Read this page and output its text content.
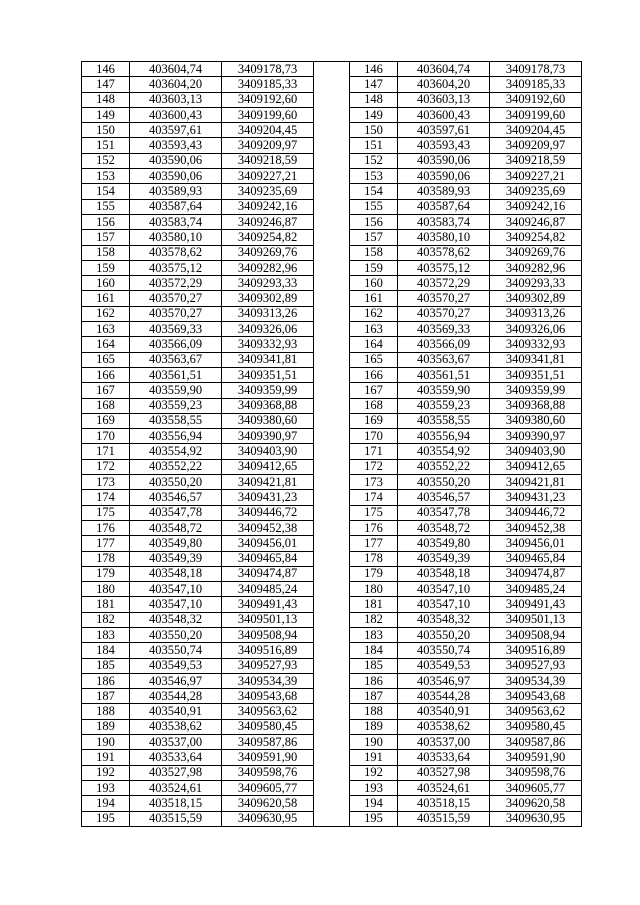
146	403604,74	3409178,73		146	403604,74	3409178,73
147	403604,20	3409185,33		147	403604,20	3409185,33
148	403603,13	3409192,60		148	403603,13	3409192,60
149	403600,43	3409199,60		149	403600,43	3409199,60
150	403597,61	3409204,45		150	403597,61	3409204,45
151	403593,43	3409209,97		151	403593,43	3409209,97
152	403590,06	3409218,59		152	403590,06	3409218,59
153	403590,06	3409227,21		153	403590,06	3409227,21
154	403589,93	3409235,69		154	403589,93	3409235,69
155	403587,64	3409242,16		155	403587,64	3409242,16
156	403583,74	3409246,87		156	403583,74	3409246,87
157	403580,10	3409254,82		157	403580,10	3409254,82
158	403578,62	3409269,76		158	403578,62	3409269,76
159	403575,12	3409282,96		159	403575,12	3409282,96
160	403572,29	3409293,33		160	403572,29	3409293,33
161	403570,27	3409302,89		161	403570,27	3409302,89
162	403570,27	3409313,26		162	403570,27	3409313,26
163	403569,33	3409326,06		163	403569,33	3409326,06
164	403566,09	3409332,93		164	403566,09	3409332,93
165	403563,67	3409341,81		165	403563,67	3409341,81
166	403561,51	3409351,51		166	403561,51	3409351,51
167	403559,90	3409359,99		167	403559,90	3409359,99
168	403559,23	3409368,88		168	403559,23	3409368,88
169	403558,55	3409380,60		169	403558,55	3409380,60
170	403556,94	3409390,97		170	403556,94	3409390,97
171	403554,92	3409403,90		171	403554,92	3409403,90
172	403552,22	3409412,65		172	403552,22	3409412,65
173	403550,20	3409421,81		173	403550,20	3409421,81
174	403546,57	3409431,23		174	403546,57	3409431,23
175	403547,78	3409446,72		175	403547,78	3409446,72
176	403548,72	3409452,38		176	403548,72	3409452,38
177	403549,80	3409456,01		177	403549,80	3409456,01
178	403549,39	3409465,84		178	403549,39	3409465,84
179	403548,18	3409474,87		179	403548,18	3409474,87
180	403547,10	3409485,24		180	403547,10	3409485,24
181	403547,10	3409491,43		181	403547,10	3409491,43
182	403548,32	3409501,13		182	403548,32	3409501,13
183	403550,20	3409508,94		183	403550,20	3409508,94
184	403550,74	3409516,89		184	403550,74	3409516,89
185	403549,53	3409527,93		185	403549,53	3409527,93
186	403546,97	3409534,39		186	403546,97	3409534,39
187	403544,28	3409543,68		187	403544,28	3409543,68
188	403540,91	3409563,62		188	403540,91	3409563,62
189	403538,62	3409580,45		189	403538,62	3409580,45
190	403537,00	3409587,86		190	403537,00	3409587,86
191	403533,64	3409591,90		191	403533,64	3409591,90
192	403527,98	3409598,76		192	403527,98	3409598,76
193	403524,61	3409605,77		193	403524,61	3409605,77
194	403518,15	3409620,58		194	403518,15	3409620,58
195	403515,59	3409630,95		195	403515,59	3409630,95
